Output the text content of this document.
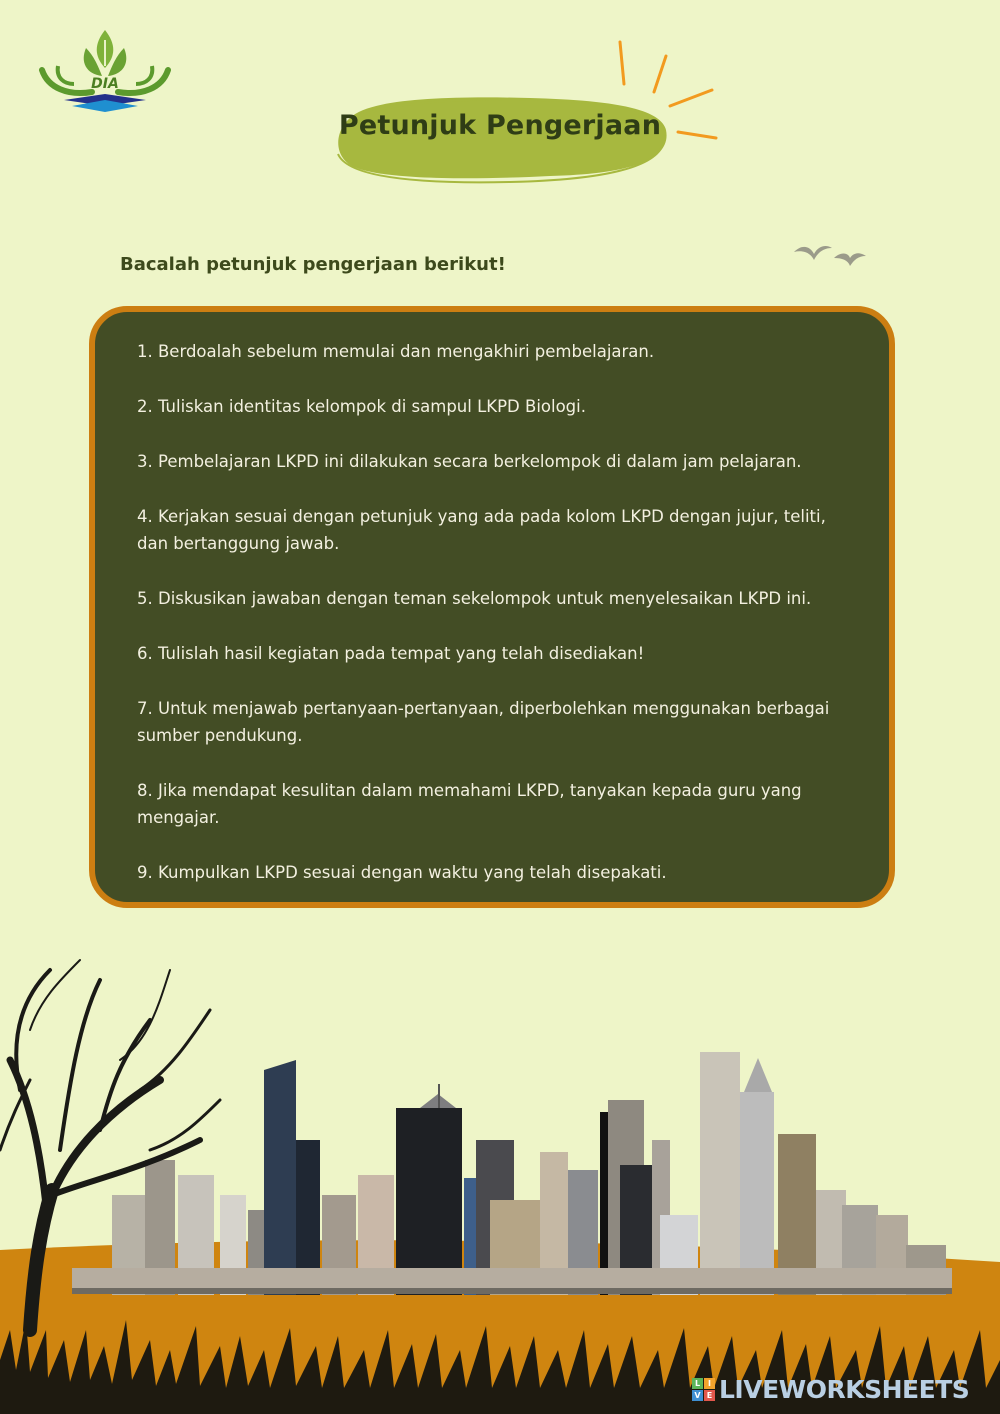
DIA
Petunjuk Pengerjaan
Bacalah petunjuk pengerjaan berikut!
1. Berdoalah sebelum memulai dan mengakhiri pembelajaran.
2. Tuliskan identitas kelompok di sampul LKPD Biologi.
3. Pembelajaran LKPD ini dilakukan secara berkelompok di dalam jam pelajaran.
4. Kerjakan sesuai dengan petunjuk yang ada pada kolom LKPD dengan jujur, teliti, dan bertanggung jawab.
5. Diskusikan jawaban dengan teman sekelompok untuk menyelesaikan LKPD ini.
6. Tulislah hasil kegiatan pada tempat yang telah disediakan!
7. Untuk menjawab pertanyaan-pertanyaan, diperbolehkan menggunakan berbagai sumber pendukung.
8. Jika mendapat kesulitan dalam memahami LKPD, tanyakan kepada guru yang mengajar.
9. Kumpulkan LKPD sesuai dengan waktu yang telah disepakati.
L I
V E LIVEWORKSHEETS
